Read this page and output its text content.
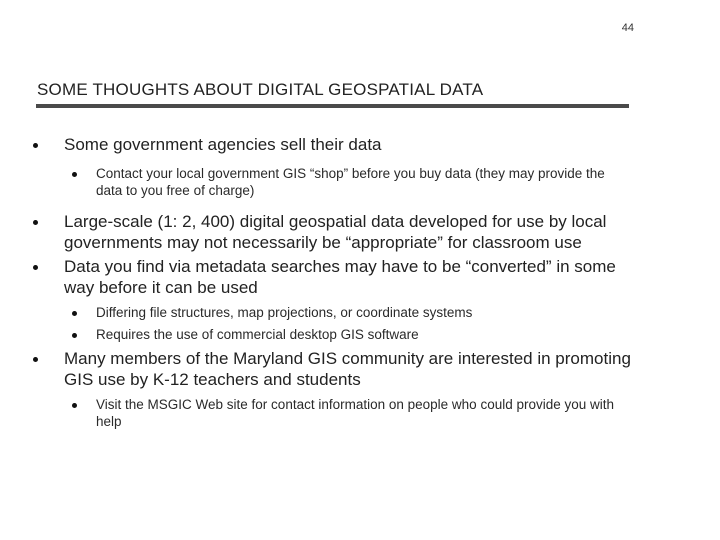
44
SOME THOUGHTS ABOUT DIGITAL GEOSPATIAL DATA
Some government agencies sell their data
Contact your local government GIS “shop” before you buy data (they may provide the data to you free of charge)
Large-scale (1: 2, 400) digital geospatial data developed for use by local governments may not necessarily be “appropriate” for classroom use
Data you find via metadata searches may have to be “converted” in some way before it can be used
Differing file structures, map projections, or coordinate systems
Requires the use of commercial desktop GIS software
Many members of the Maryland GIS community are interested in promoting GIS use by K-12 teachers and students
Visit the MSGIC Web site for contact information on people who could provide you with help
